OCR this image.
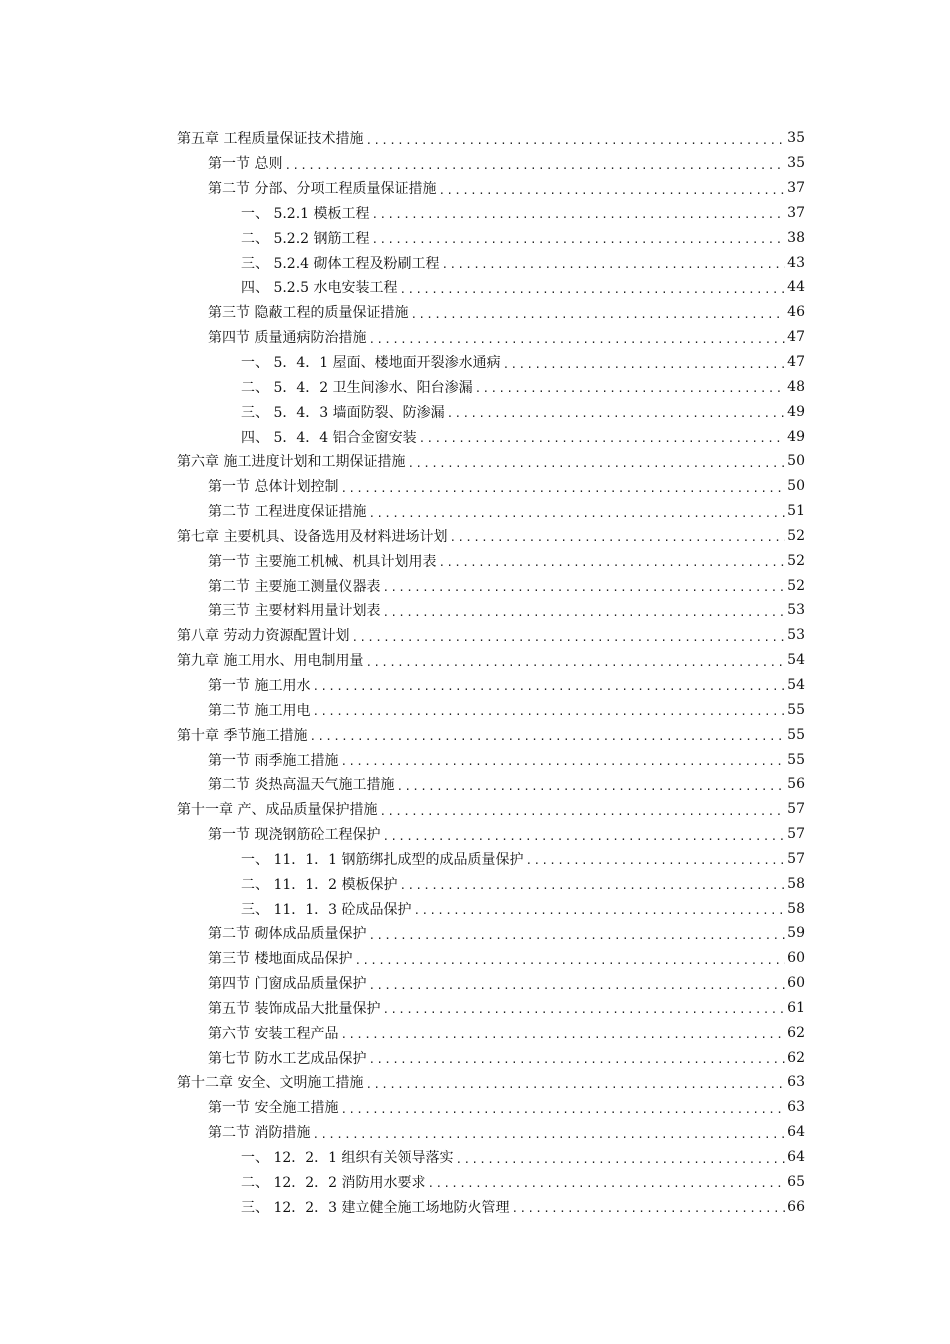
第五章 工程质量保证技术措施 .....	35
第一节 总则 .....	35
第二节 分部、分项工程质量保证措施 .....	37
一、 5.2.1 模板工程 .....	37
二、 5.2.2 钢筋工程 .....	38
三、 5.2.4 砌体工程及粉刷工程 .....	43
四、 5.2.5 水电安装工程 .....	44
第三节 隐蔽工程的质量保证措施 .....	46
第四节 质量通病防治措施 .....	47
一、 5．4．1 屋面、楼地面开裂渗水通病 .....	47
二、 5．4．2 卫生间渗水、阳台渗漏 .....	48
三、 5．4．3 墙面防裂、防渗漏 .....	49
四、 5．4．4 铝合金窗安装 .....	49
第六章 施工进度计划和工期保证措施 .....	50
第一节 总体计划控制 .....	50
第二节 工程进度保证措施 .....	51
第七章 主要机具、设备选用及材料进场计划 .....	52
第一节 主要施工机械、机具计划用表 .....	52
第二节 主要施工测量仪器表 .....	52
第三节 主要材料用量计划表 .....	53
第八章 劳动力资源配置计划 .....	53
第九章 施工用水、用电制用量 .....	54
第一节 施工用水 .....	54
第二节 施工用电 .....	55
第十章 季节施工措施 .....	55
第一节 雨季施工措施 .....	55
第二节 炎热高温天气施工措施 .....	56
第十一章 产、成品质量保护措施 .....	57
第一节 现浇钢筋砼工程保护 .....	57
一、 11．1．1 钢筋绑扎成型的成品质量保护 .....	57
二、 11．1．2 模板保护 .....	58
三、 11．1．3 砼成品保护 .....	58
第二节 砌体成品质量保护 .....	59
第三节 楼地面成品保护 .....	60
第四节 门窗成品质量保护 .....	60
第五节 装饰成品大批量保护 .....	61
第六节 安装工程产品 .....	62
第七节 防水工艺成品保护 .....	62
第十二章 安全、文明施工措施 .....	63
第一节 安全施工措施 .....	63
第二节 消防措施 .....	64
一、 12．2．1 组织有关领导落实 .....	64
二、 12．2．2 消防用水要求 .....	65
三、 12．2．3 建立健全施工场地防火管理 .....	66
